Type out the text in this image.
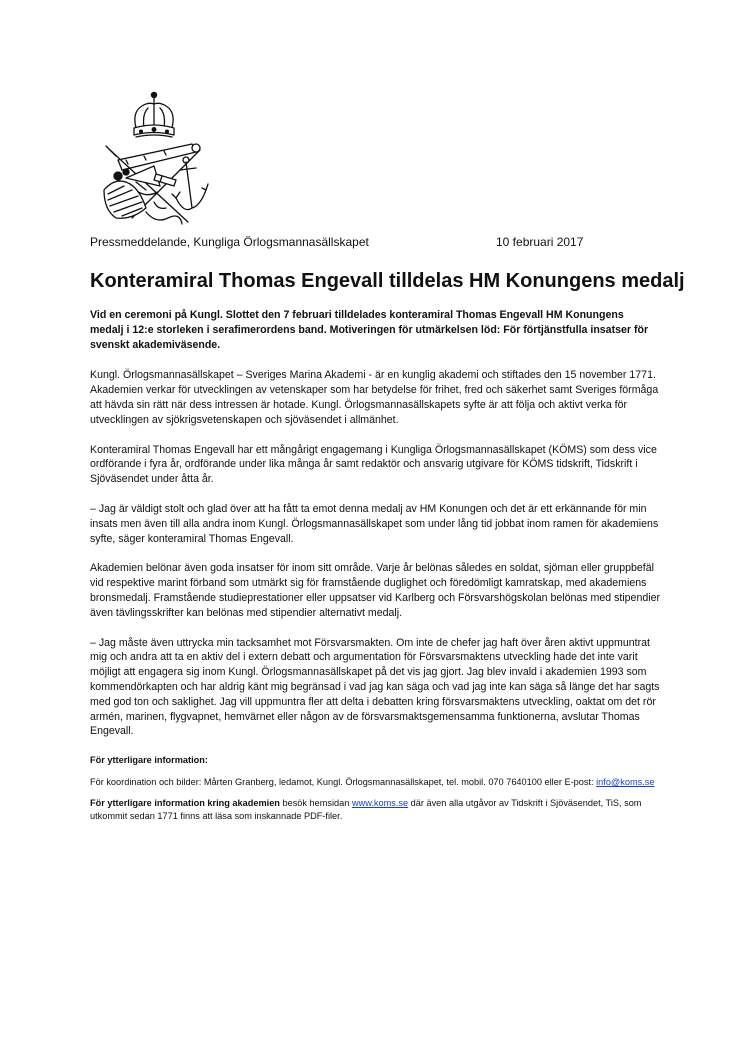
Pressmeddelande, Kungliga Örlogsmannasällskapet	10 februari 2017
Konteramiral Thomas Engevall tilldelas HM Konungens medalj

Vid en ceremoni på Kungl. Slottet den 7 februari tilldelades konteramiral Thomas Engevall HM Konungens medalj i 12:e storleken i serafimerordens band. Motiveringen för utmärkelsen löd: För förtjänstfulla insatser för svenskt akademiväsende.

Kungl. Örlogsmannasällskapet – Sveriges Marina Akademi - är en kunglig akademi och stiftades den 15 november 1771. Akademien verkar för utvecklingen av vetenskaper som har betydelse för frihet, fred och säkerhet samt Sveriges förmåga att hävda sin rätt när dess intressen är hotade. Kungl. Örlogsmannasällskapets syfte är att följa och aktivt verka för utvecklingen av sjökrigsvetenskapen och sjöväsendet i allmänhet.

Konteramiral Thomas Engevall har ett mångårigt engagemang i Kungliga Örlogsmannasällskapet (KÖMS) som dess vice ordförande i fyra år, ordförande under lika många år samt redaktör och ansvarig utgivare för KÖMS tidskrift, Tidskrift i Sjöväsendet under åtta år.

– Jag är väldigt stolt och glad över att ha fått ta emot denna medalj av HM Konungen och det är ett erkännande för min insats men även till alla andra inom Kungl. Örlogsmannasällskapet som under lång tid jobbat inom ramen för akademiens syfte, säger konteramiral Thomas Engevall.

Akademien belönar även goda insatser för inom sitt område. Varje år belönas således en soldat, sjöman eller gruppbefäl vid respektive marint förband som utmärkt sig för framstående duglighet och föredömligt kamratskap, med akademiens bronsmedalj. Framstående studieprestationer eller uppsatser vid Karlberg och Försvarshögskolan belönas med stipendier även tävlingsskrifter kan belönas med stipendier alternativt medalj.

– Jag måste även uttrycka min tacksamhet mot Försvarsmakten. Om inte de chefer jag haft över åren aktivt uppmuntrat mig och andra att ta en aktiv del i extern debatt och argumentation för Försvarsmaktens utveckling hade det inte varit möjligt att engagera sig inom Kungl. Örlogsmannasällskapet på det vis jag gjort. Jag blev invald i akademien 1993 som kommendörkapten och har aldrig känt mig begränsad i vad jag kan säga och vad jag inte kan säga så länge det har sagts med god ton och saklighet. Jag vill uppmuntra fler att delta i debatten kring försvarsmaktens utveckling, oaktat om det rör armén, marinen, flygvapnet, hemvärnet eller någon av de försvarsmaktsgemensamma funktionerna, avslutar Thomas Engevall.

För ytterligare information:

För koordination och bilder: Mårten Granberg, ledamot, Kungl. Örlogsmannasällskapet, tel. mobil. 070 7640100 eller E-post: info@koms.se

För ytterligare information kring akademien besök hemsidan www.koms.se där även alla utgåvor av Tidskrift i Sjöväsendet, TiS, som utkommit sedan 1771 finns att läsa som inskannade PDF-filer.
